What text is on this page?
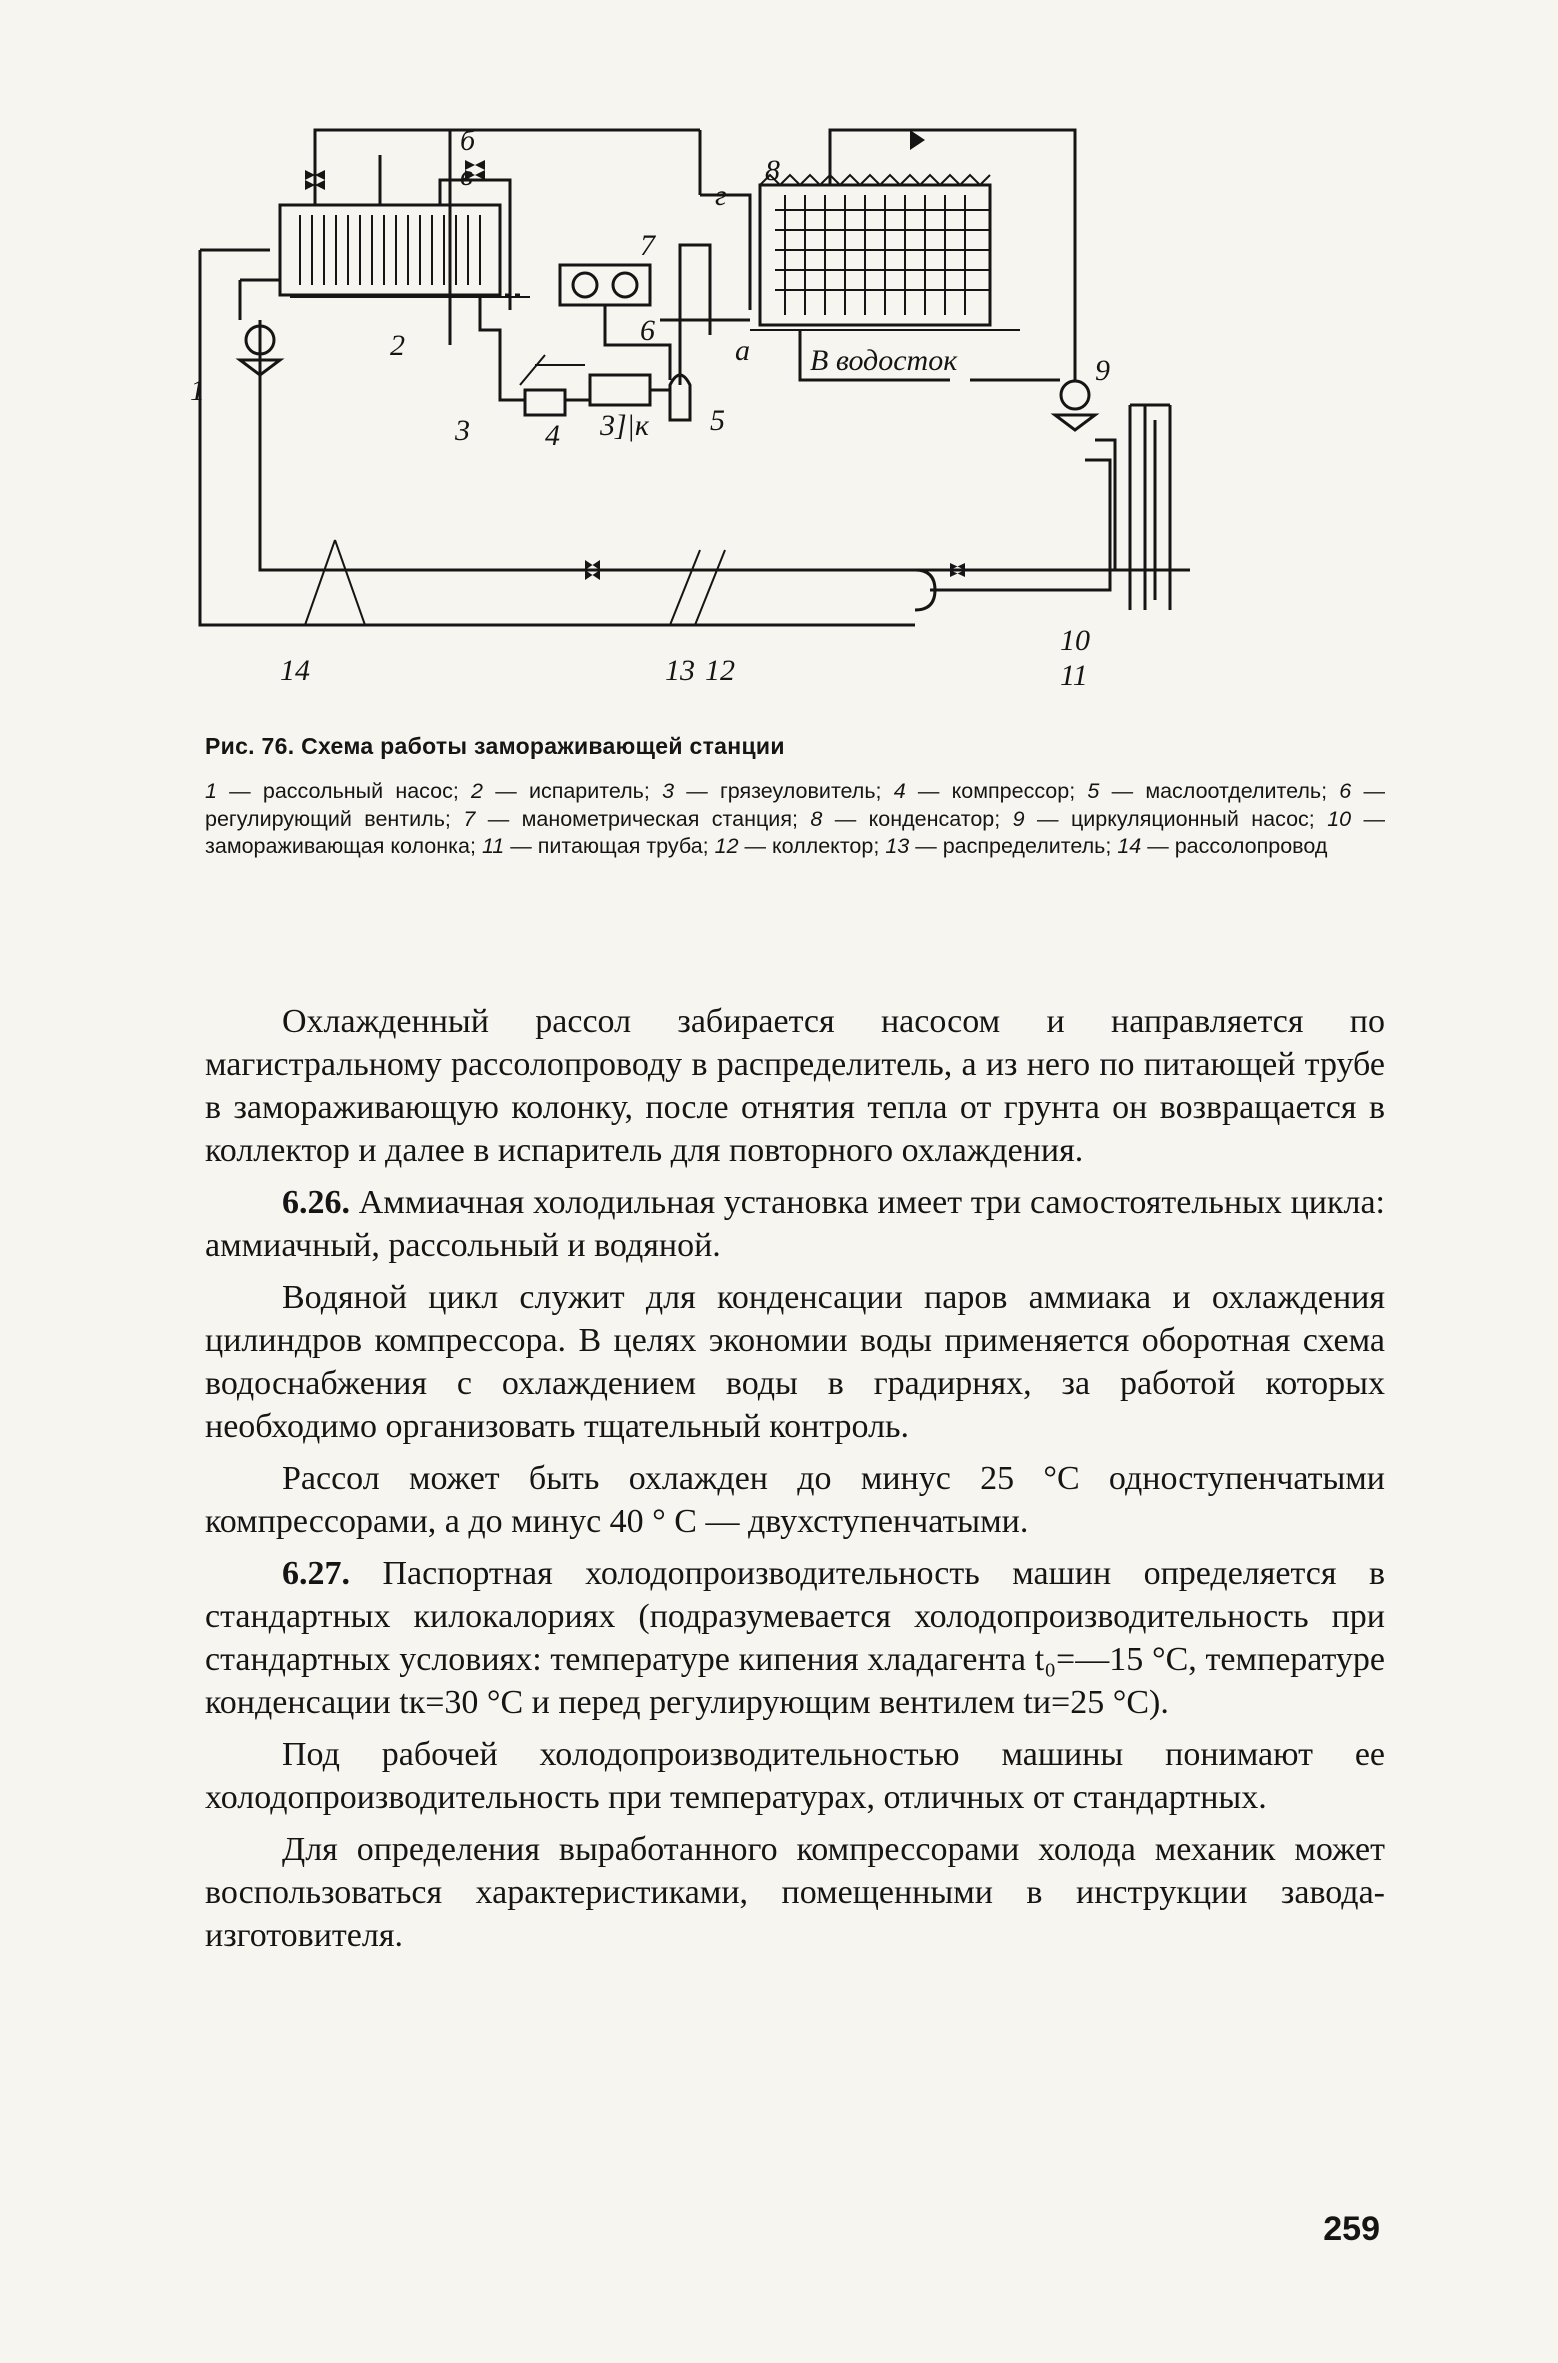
1
2
3	4	5
6
7
8
9
10
11
12
13
14
а
б
в
г
В водосток
3]|к
Рис. 76. Схема работы замораживающей станции
1 — рассольный насос; 2 — испаритель; 3 — грязеуловитель; 4 — компрессор; 5 — маслоотделитель; 6 — регулирующий вентиль; 7 — манометрическая станция; 8 — конденсатор; 9 — циркуляционный насос; 10 — замораживающая колонка; 11 — питающая труба; 12 — коллектор; 13 — распределитель; 14 — рассолопровод

Охлажденный рассол забирается насосом и направляется по магистральному рассолопроводу в распределитель, а из него по питающей трубе в замораживающую колонку, после отнятия тепла от грунта он возвращается в коллектор и далее в испаритель для повторного охлаждения.

6.26. Аммиачная холодильная установка имеет три самостоятельных цикла: аммиачный, рассольный и водяной.

Водяной цикл служит для конденсации паров аммиака и охлаждения цилиндров компрессора. В целях экономии воды применяется оборотная схема водоснабжения с охлаждением воды в градирнях, за работой которых необходимо организовать тщательный контроль.

Рассол может быть охлажден до минус 25 °С одноступенчатыми компрессорами, а до минус 40 ° С — двухступенчатыми.

6.27. Паспортная холодопроизводительность машин определяется в стандартных килокалориях (подразумевается холодопроизводительность при стандартных условиях: температуре кипения хладагента t₀=—15 °С, температуре конденсации tк=30 °С и перед регулирующим вентилем tи=25 °С).

Под рабочей холодопроизводительностью машины понимают ее холодопроизводительность при температурах, отличных от стандартных.

Для определения выработанного компрессорами холода механик может воспользоваться характеристиками, помещенными в инструкции завода-изготовителя.

259
